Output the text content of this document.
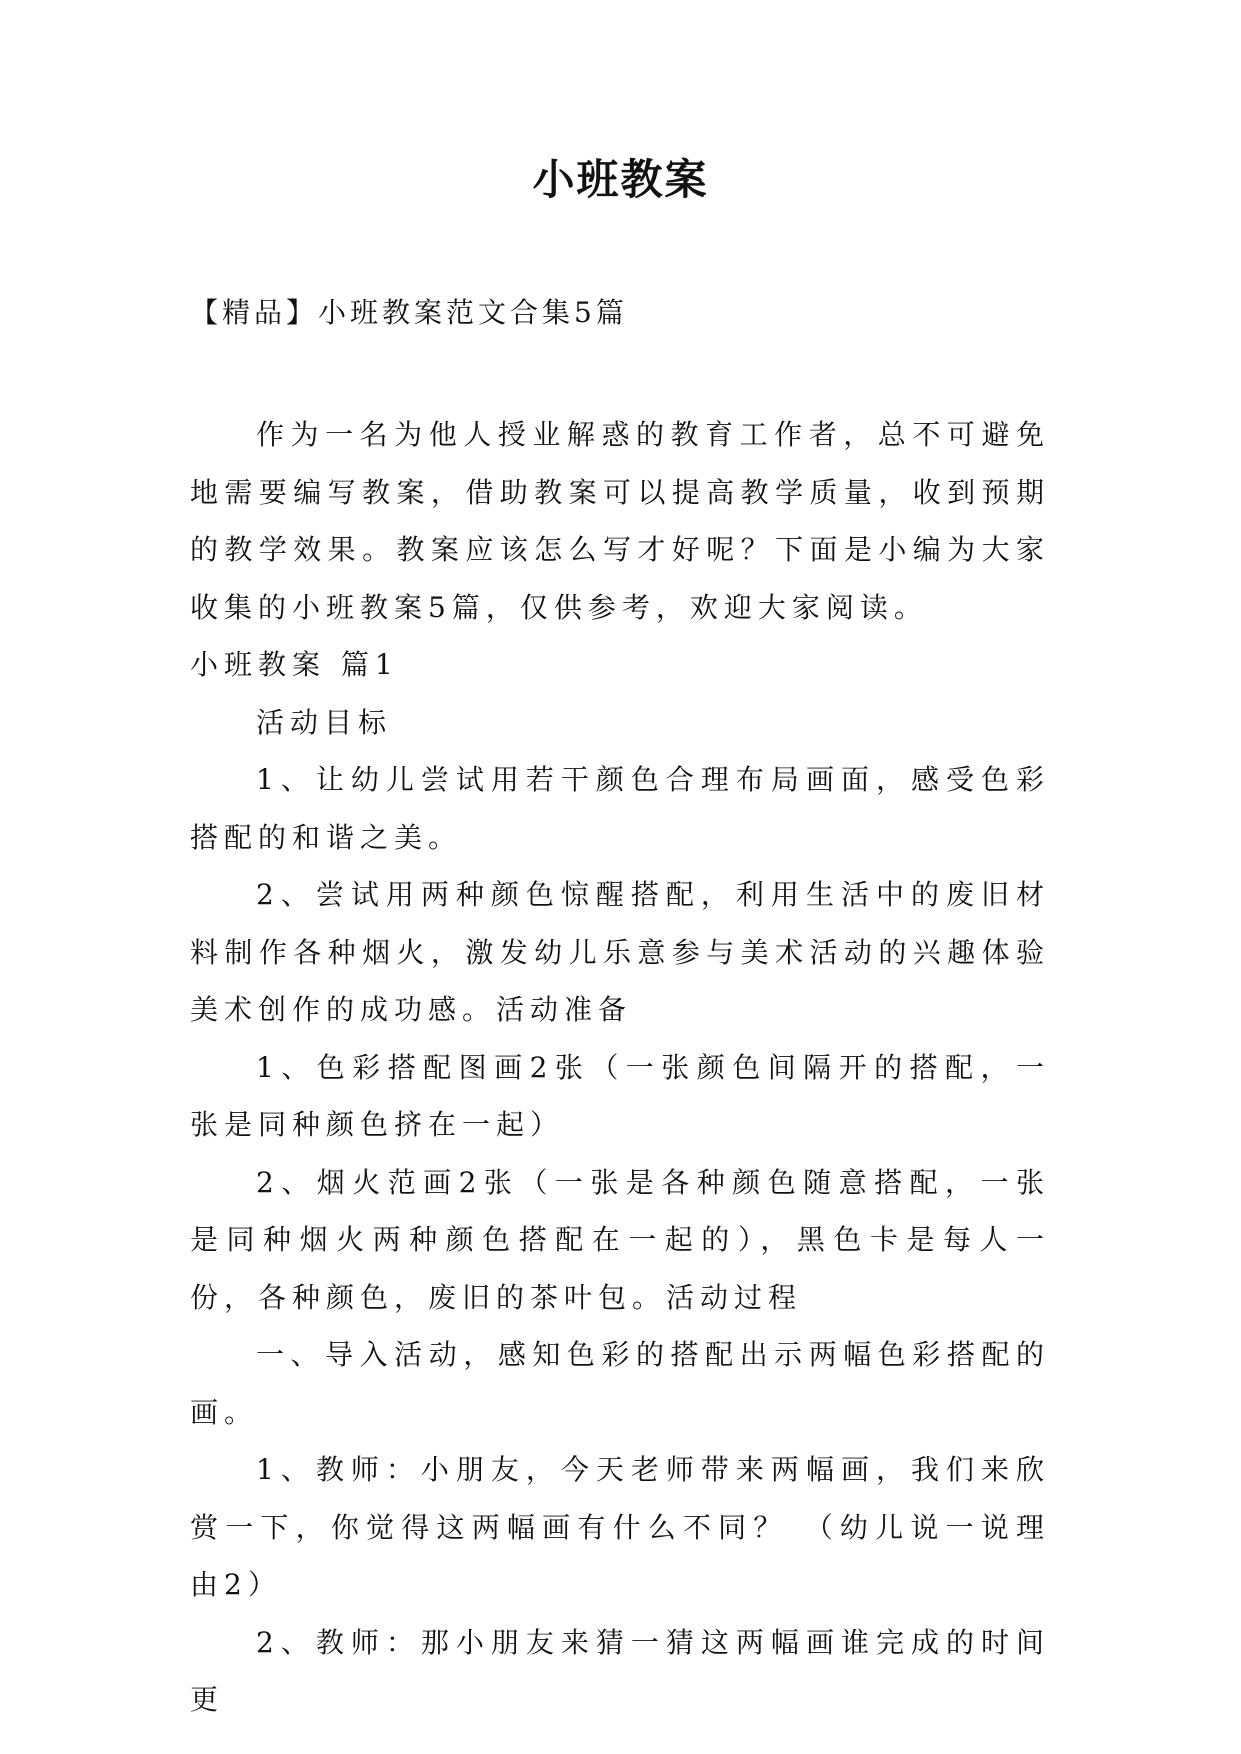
小班教案
【精品】小班教案范文合集5篇

作为一名为他人授业解惑的教育工作者，总不可避免地需要编写教案，借助教案可以提高教学质量，收到预期的教学效果。教案应该怎么写才好呢？下面是小编为大家收集的小班教案5篇，仅供参考，欢迎大家阅读。

小班教案 篇1

活动目标

1、让幼儿尝试用若干颜色合理布局画面，感受色彩搭配的和谐之美。

2、尝试用两种颜色惊醒搭配，利用生活中的废旧材料制作各种烟火，激发幼儿乐意参与美术活动的兴趣体验美术创作的成功感。活动准备

1、色彩搭配图画2张（一张颜色间隔开的搭配，一张是同种颜色挤在一起）

2、烟火范画2张（一张是各种颜色随意搭配，一张是同种烟火两种颜色搭配在一起的），黑色卡是每人一份，各种颜色，废旧的茶叶包。活动过程

一、导入活动，感知色彩的搭配出示两幅色彩搭配的画。

1、教师：小朋友，今天老师带来两幅画，我们来欣赏一下，你觉得这两幅画有什么不同？ （幼儿说一说理由2）

2、教师：那小朋友来猜一猜这两幅画谁完成的时间更
